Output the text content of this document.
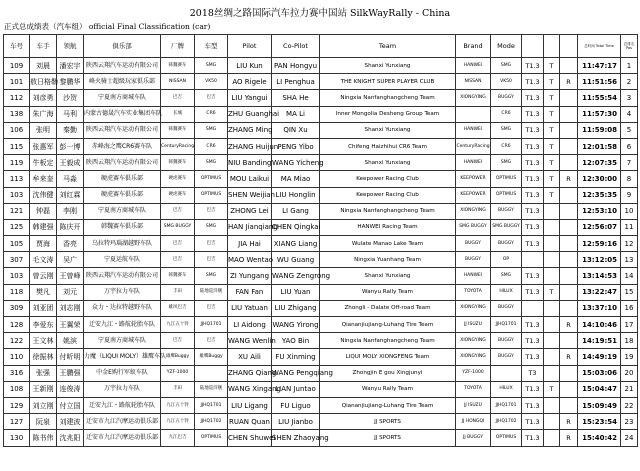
2018丝绸之路国际汽车拉力赛中国站 SilkWayRally - China
正式总成绩表（汽车组） official Final Classification (car)
车号	车手	领航	俱乐部	厂牌	车型	Pilot	Co-Pilot	Team	Brand	Mode				总时间 Total Time	总排名 Pos
109	刘晨	潘宏宇	陕西云翔汽车运动有限公司	韩魏赛车	SMG	LIU Kun	PAN Hongyu	Shanxi Yunxiang	HANWEI	SMG	T1.3	T		11:47:17	1
101	敖日格勒	黎鹏华	峰火骑士超级玩家俱乐部	NISSAN	VK50	AO Rigele	LI Penghua	THE KNIGHT SUPER PLAYER CLUB	NISSAN	VK50	T1.3	T	R	11:51:56	2
112	刘彦勇	沙贺	宁夏南方商城车队	巴吉	巴吉	LIU Yangui	SHA He	Ningxia Nanfanghangcheng Team	XIONGYING	BUGGY	T1.3	T		11:55:54	3
138	朱广海	马利	内蒙古德晟汽车实业集团车队	长城	CR6	ZHU Guanghai	MA Li	Inner Mongolia Desheng Group Team		CR6	T1.3	T		11:57:30	4
106	张明	秦勤	陕西云翔汽车运动有限公司	韩魏赛车	SMG	ZHANG Ming	QIN Xu	Shanxi Yunxiang	HANWEI	SMG	T1.3	T		11:59:08	5
115	张惠军	彭一博	赤峰海之鹰CR6赛车队	CenturyRacing	CR6	ZHANG Huijun	PENG Yibo	Chifeng Haizhihui CR6 Team	CenturyRacing	CR6	T1.3	T		12:01:58	6
119	牛板定	王毅成	陕西云翔汽车运动有限公司	韩魏赛车	SMG	NIU Banding	WANG Yicheng	Shanxi Yunxiang	HANWEI	SMG	T1.3	T		12:07:35	7
113	牟来奎	马淼	硬虎赛车俱乐部	硬虎赛车	OPTIMUS	MOU Laikui	MA Miao	Keepower Racing Club	KEEPOWER	OPTIMUS	T1.3	T	R	12:30:00	8
103	沈伟健	刘红霖	硬虎赛车俱乐部	硬虎赛车	OPTIMUS	SHEN Weijian	LIU Honglin	Keepower Racing Club	KEEPOWER	OPTIMUS	T1.3	T		12:35:35	9
121	钟磊	李刚	宁夏南方商城车队	巴吉	巴吉	ZHONG Lei	LI Gang	Ningxia Nanfanghangcheng Team	XIONGYING	BUGGY	T1.3			12:53:10	10
125	韩建强	陈庆开	韩魏赛车俱乐部	SMG BUGGY	SMG	HAN Jianqiang	CHEN Qingkai	HANWEI Racing Team	SMG BUGGY	SMG BUGGY	T1.3			12:56:07	11
105	贾海	香亮	乌拉特玛瑙湖越野车队	巴吉	巴吉	JIA Hai	XIANG Liang	Wulate Manao Lake Team	BUGGY	BUGGY	T1.3			12:59:16	12
307	毛文涛	吴广	宁夏运航车队	巴吉	巴吉	MAO Wentao	WU Guang	Ningxia Yuanhang Team	BUGGY	OP				13:12:05	13
103	曾云刚	王曾峰	陕西云翔汽车运动有限公司	韩魏赛车	SMG	ZI Yungang	WANG Zengrong	Shanxi Yunxiang	HANWEI	SMG	T1.3			13:14:53	14
118	樊凡	刘元	万宇拉力车队	丰田	陆地巡洋舰	FAN Fan	LIU Yuan	Wanyu Rally Team	TOYOTA	HILUX	T1.3	T		13:22:47	15
309	刘亚团	刘志刚	众力・达拉特越野车队	雄风巴吉	巴吉	LIU Yatuan	LIU Zhigang	Zhongli - Dalate Off-road Team	XIONGYING	BUGGY				13:37:10	16
128	李爱东	王翼荣	迁安九江・路航轮胎车队	九江五十铃	JJHQ1701	LI Aidong	WANG Yirong	Qiananjiujiang-Luhang Tire Team	JJ ISUZU	JJHQ1701	T1.3		R	14:10:46	17
122	王文林	姚滨	宁夏南方商城车队	巴吉	巴吉	WANG Wenlin	YAO Bin	Ningxia Nanfanghangcheng Team	XIONGYING	BUGGY	T1.3			14:19:51	18
110	徐振林	付昕明	力魔（LIQUI MOLY）雄鹰车队	雄鹰Buggy	雄鹰Buggy	XU Aili	FU Xinming	LIQUI MOLY XIONGFENG Team	XIONGYING	BUGGY	T1.3		R	14:49:19	19
316	张强	王鹏强	中金E购行军蚁车队	YZF-1000		ZHANG Qiang	WANG Pengqiang	Zhongjin E gou Xingjunyi	YZF-1000		T3			15:03:06	20
108	王新刚	连俊涛	万宇拉力车队	丰田	陆地巡洋舰	WANG Xingang	LIAN Juntao	Wanyu Rally Team	TOYOTA	HILUX	T1.3	T		15:04:47	21
129	刘立刚	付立国	迁安九江・路航轮胎车队	九江五十铃	JJHQ1701	LIU Ligang	FU Liguo	Qiananjiujiang-Luhang Tire Team	JJ ISUZU	JJHQ1701	T1.3			15:09:49	22
127	阮泉	刘建波	迁安市九江汽摩运动俱乐部	九江五十铃	JJHQ1702	RUAN Quan	LIU Jianbo	JJ SPORTS	JJ HONGQI	JJHQ1702	T1.3		R	15:23:54	23
130	陈书伟	沈兆阳	迁安市九江汽摩运动俱乐部	九江巴吉	OPTIMUS	CHEN Shuwei	SHEN Zhaoyang	JJ SPORTS	JJ BUGGY	OPTIMUS	T1.3		R	15:40:42	24
